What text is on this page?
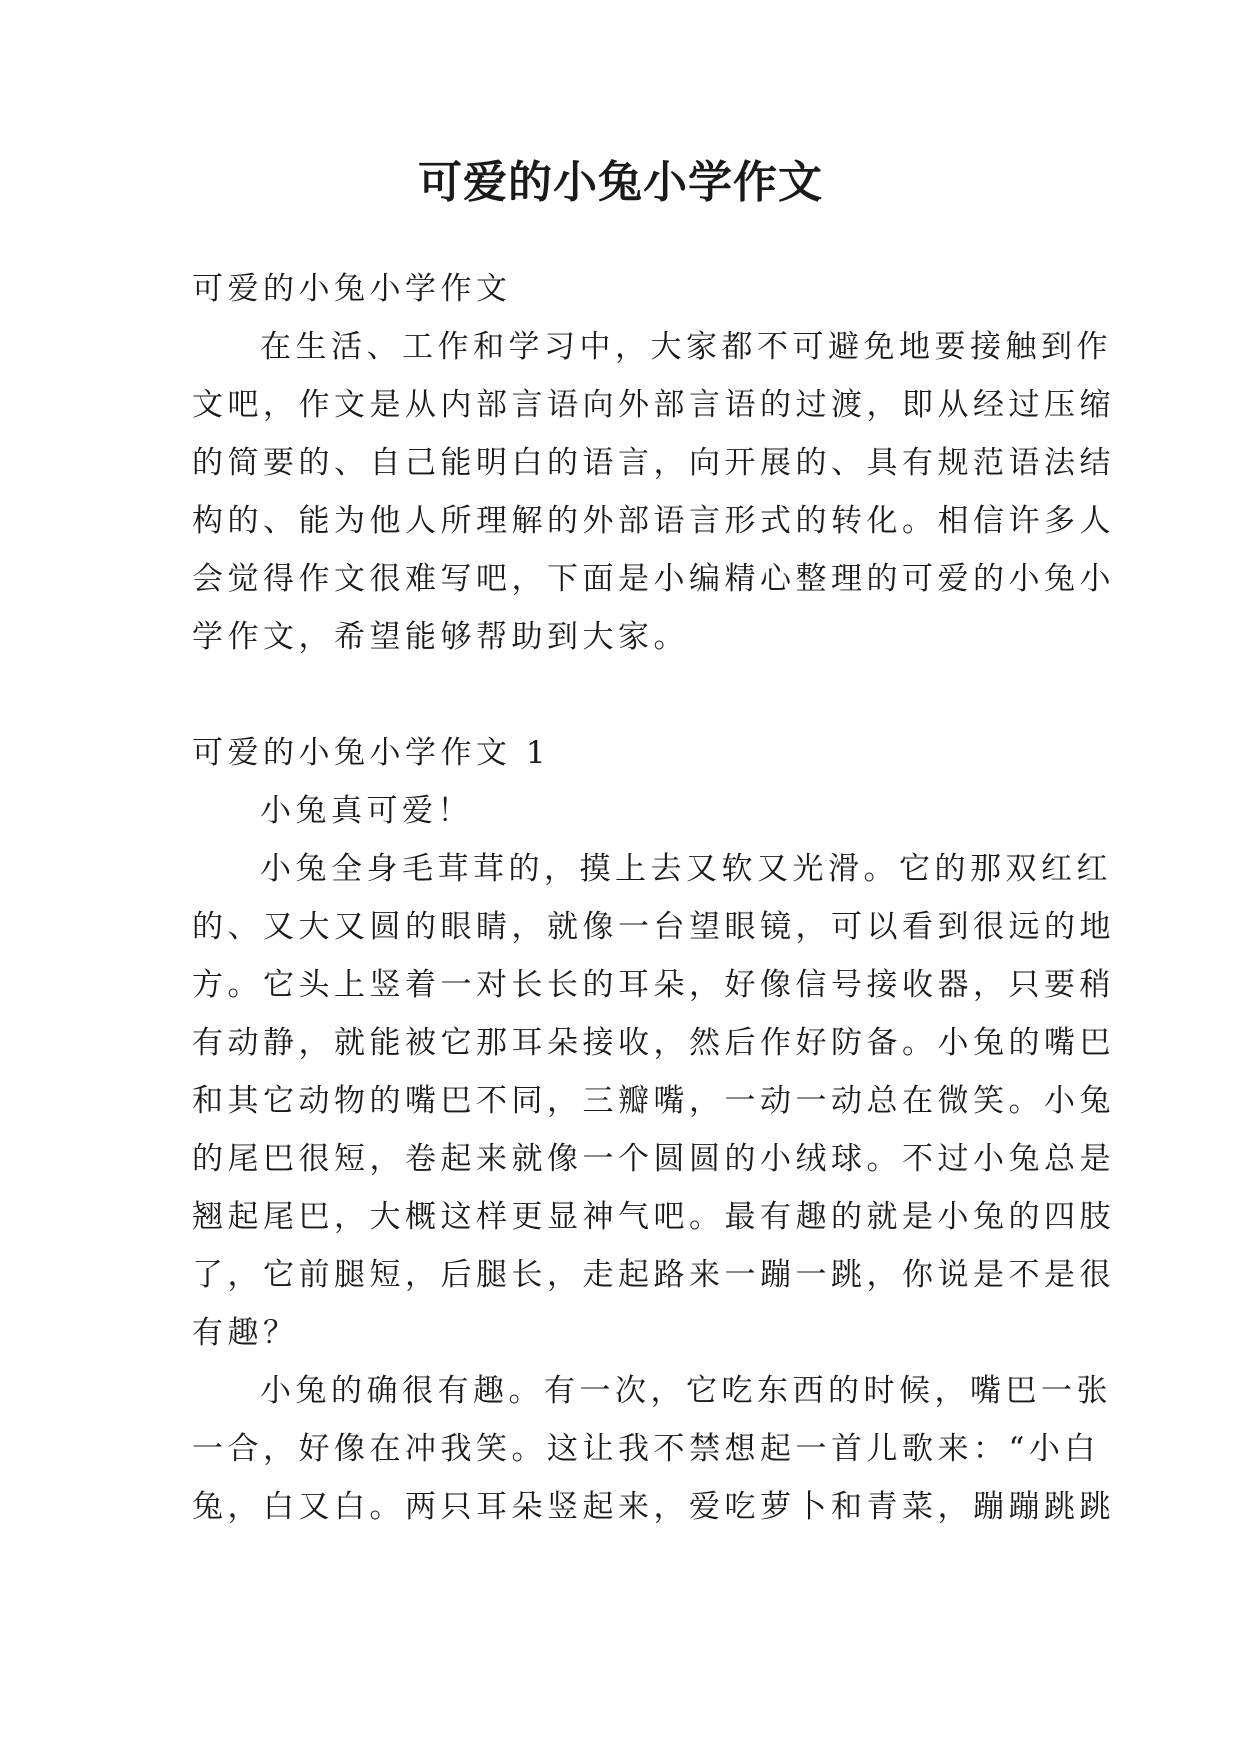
可爱的小兔小学作文

可爱的小兔小学作文

在生活、工作和学习中，大家都不可避免地要接触到作

文吧，作文是从内部言语向外部言语的过渡，即从经过压缩

的简要的、自己能明白的语言，向开展的、具有规范语法结

构的、能为他人所理解的外部语言形式的转化。相信许多人

会觉得作文很难写吧，下面是小编精心整理的可爱的小兔小

学作文，希望能够帮助到大家。

可爱的小兔小学作文 1

小兔真可爱！

小兔全身毛茸茸的，摸上去又软又光滑。它的那双红红

的、又大又圆的眼睛，就像一台望眼镜，可以看到很远的地

方。它头上竖着一对长长的耳朵，好像信号接收器，只要稍

有动静，就能被它那耳朵接收，然后作好防备。小兔的嘴巴

和其它动物的嘴巴不同，三瓣嘴，一动一动总在微笑。小兔

的尾巴很短，卷起来就像一个圆圆的小绒球。不过小兔总是

翘起尾巴，大概这样更显神气吧。最有趣的就是小兔的四肢

了，它前腿短，后腿长，走起路来一蹦一跳，你说是不是很

有趣？

小兔的确很有趣。有一次，它吃东西的时候，嘴巴一张

一合，好像在冲我笑。这让我不禁想起一首儿歌来：“小白

兔，白又白。两只耳朵竖起来，爱吃萝卜和青菜，蹦蹦跳跳
